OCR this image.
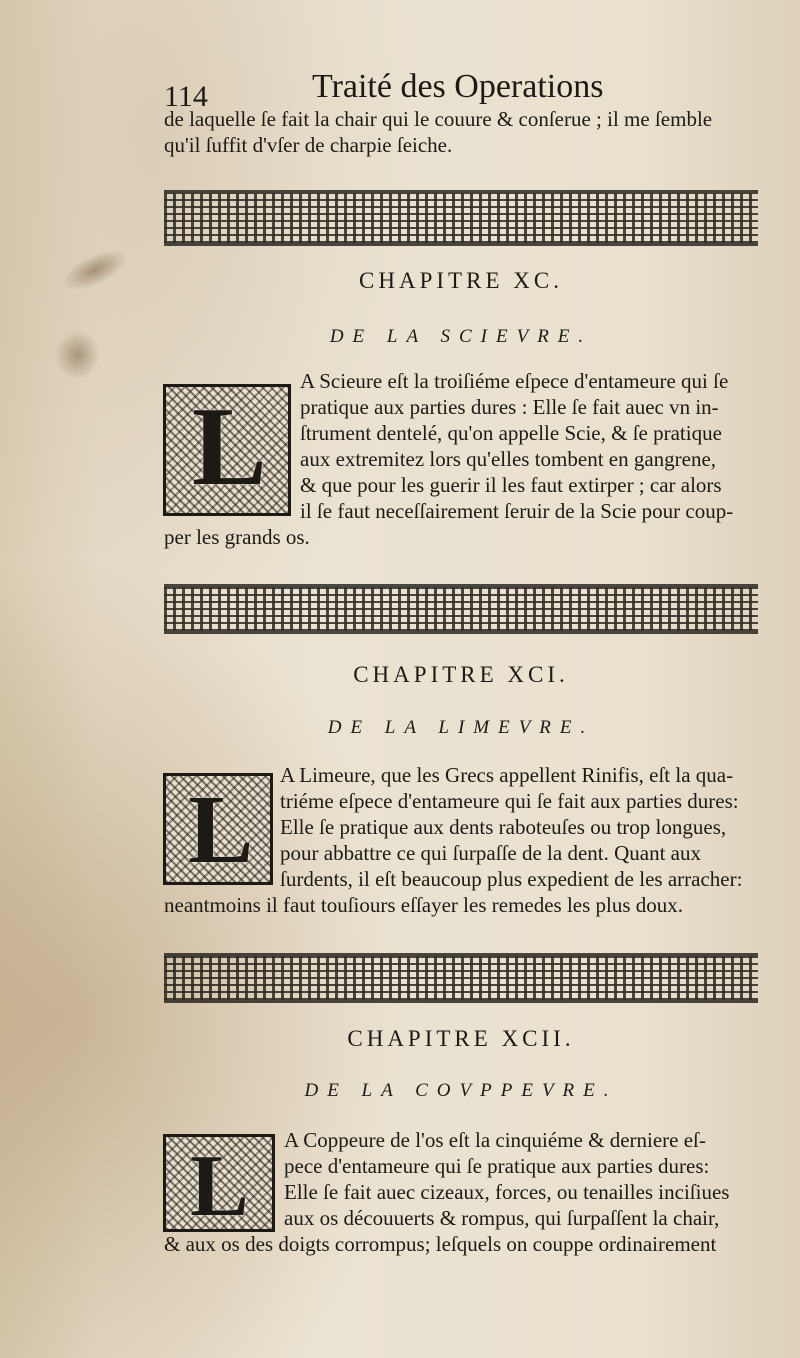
114	Traité des Operations
de laquelle ſe fait la chair qui le couure & conſerue ; il me ſemble
qu'il ſuffit d'vſer de charpie ſeiche.
CHAPITRE XC.
DE LA SCIEVRE.
L
A Scieure eſt la troiſiéme eſpece d'entameure qui ſe
pratique aux parties dures : Elle ſe fait auec vn in-
ſtrument dentelé, qu'on appelle Scie, & ſe pratique
aux extremitez lors qu'elles tombent en gangrene,
& que pour les guerir il les faut extirper ; car alors
il ſe faut neceſſairement ſeruir de la Scie pour coup-
per les grands os.
CHAPITRE XCI.
DE LA LIMEVRE.
L
A Limeure, que les Grecs appellent Rinifis, eſt la qua-
triéme eſpece d'entameure qui ſe fait aux parties dures:
Elle ſe pratique aux dents raboteuſes ou trop longues,
pour abbattre ce qui ſurpaſſe de la dent. Quant aux
ſurdents, il eſt beaucoup plus expedient de les arracher:
neantmoins il faut touſiours eſſayer les remedes les plus doux.
CHAPITRE XCII.
DE LA COVPPEVRE.
L	A Coppeure de l'os eſt la cinquiéme & derniere eſ-
pece d'entameure qui ſe pratique aux parties dures:
Elle ſe fait auec cizeaux, forces, ou tenailles inciſiues
aux os découuerts & rompus, qui ſurpaſſent la chair,
& aux os des doigts corrompus; leſquels on couppe ordinairement
